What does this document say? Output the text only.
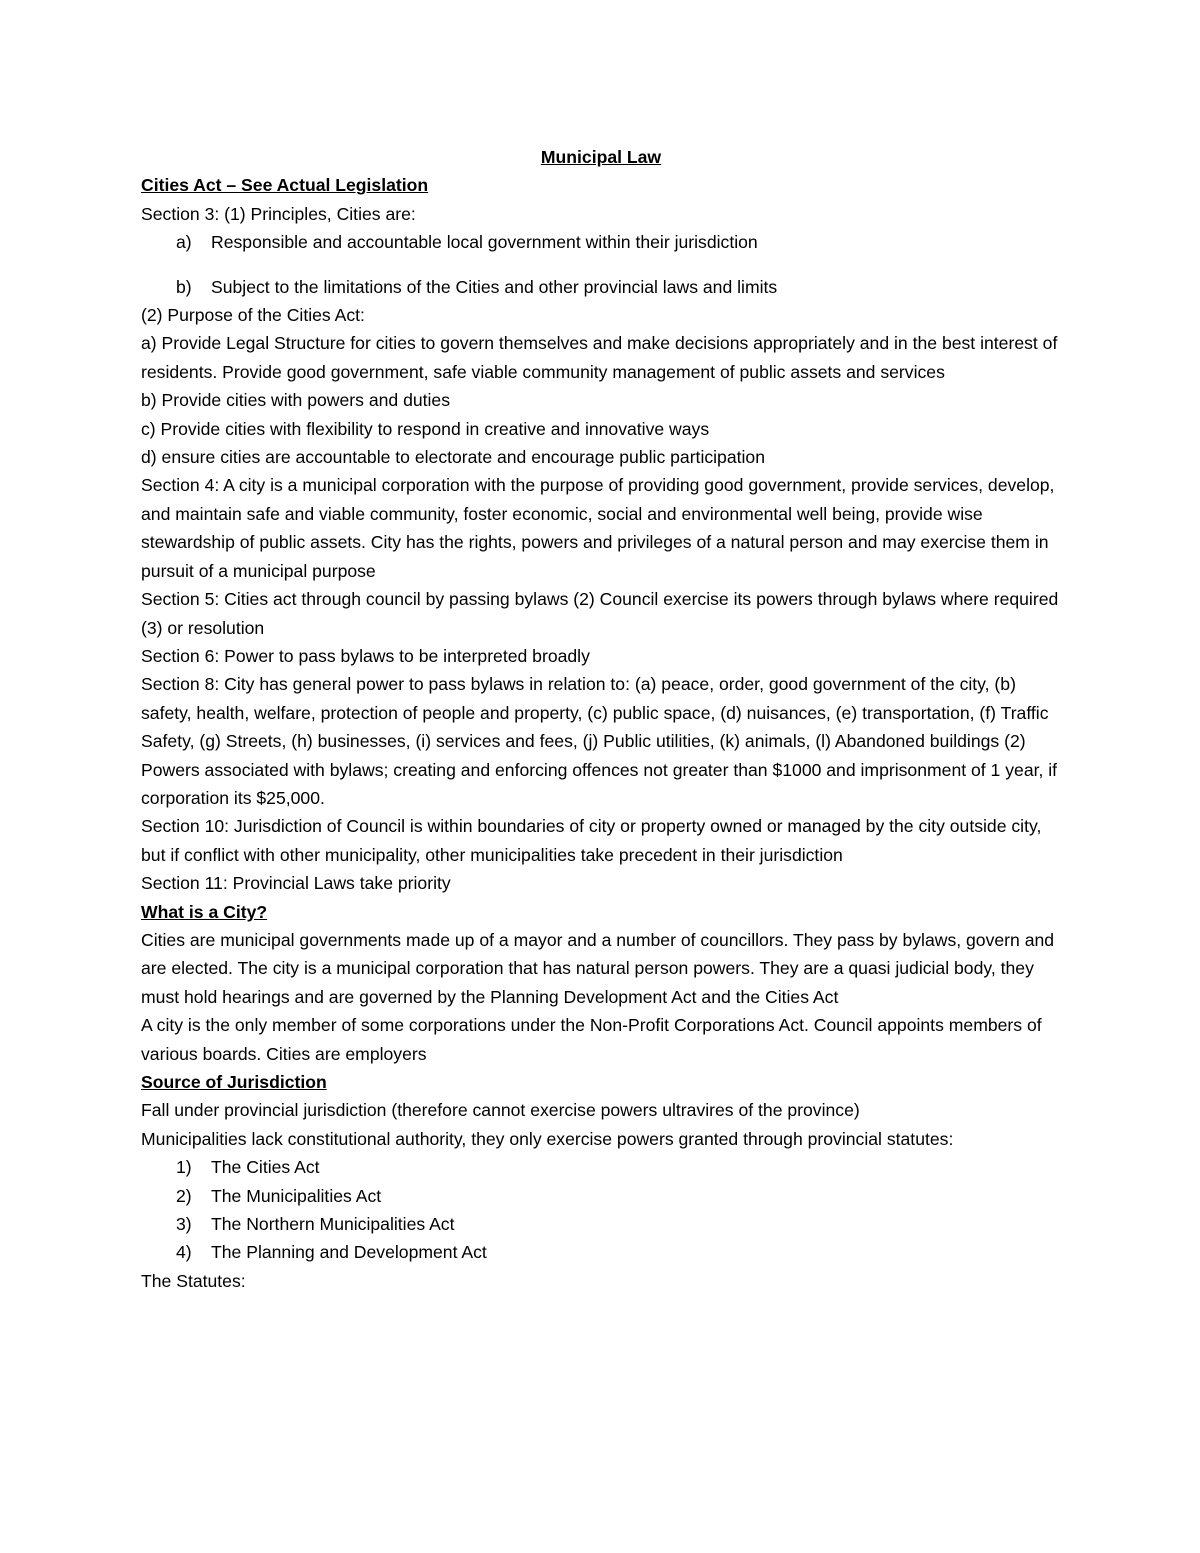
Municipal Law

Cities Act – See Actual Legislation

Section 3: (1) Principles, Cities are:

a)	Responsible and accountable local government within their jurisdiction
b)	Subject to the limitations of the Cities and other provincial laws and limits

(2) Purpose of the Cities Act:

a) Provide Legal Structure for cities to govern themselves and make decisions appropriately and in the best interest of residents. Provide good government, safe viable community management of public assets and services

b) Provide cities with powers and duties

c) Provide cities with flexibility to respond in creative and innovative ways

d) ensure cities are accountable to electorate and encourage public participation

Section 4: A city is a municipal corporation with the purpose of providing good government, provide services, develop, and maintain safe and viable community, foster economic, social and environmental well being, provide wise stewardship of public assets. City has the rights, powers and privileges of a natural person and may exercise them in pursuit of a municipal purpose

Section 5: Cities act through council by passing bylaws (2) Council exercise its powers through bylaws where required (3) or resolution

Section 6: Power to pass bylaws to be interpreted broadly

Section 8: City has general power to pass bylaws in relation to: (a) peace, order, good government of the city, (b) safety, health, welfare, protection of people and property, (c) public space, (d) nuisances, (e) transportation, (f) Traffic Safety, (g) Streets, (h) businesses, (i) services and fees, (j) Public utilities, (k) animals, (l) Abandoned buildings (2) Powers associated with bylaws; creating and enforcing offences not greater than $1000 and imprisonment of 1 year, if corporation its $25,000.

Section 10: Jurisdiction of Council is within boundaries of city or property owned or managed by the city outside city, but if conflict with other municipality, other municipalities take precedent in their jurisdiction

Section 11: Provincial Laws take priority

What is a City?

Cities are municipal governments made up of a mayor and a number of councillors. They pass by bylaws, govern and are elected. The city is a municipal corporation that has natural person powers. They are a quasi judicial body, they must hold hearings and are governed by the Planning Development Act and the Cities Act

A city is the only member of some corporations under the Non-Profit Corporations Act. Council appoints members of various boards. Cities are employers

Source of Jurisdiction

Fall under provincial jurisdiction (therefore cannot exercise powers ultravires of the province)

Municipalities lack constitutional authority, they only exercise powers granted through provincial statutes:

1)	The Cities Act
2)	The Municipalities Act
3)	The Northern Municipalities Act
4)	The Planning and Development Act

The Statutes:
